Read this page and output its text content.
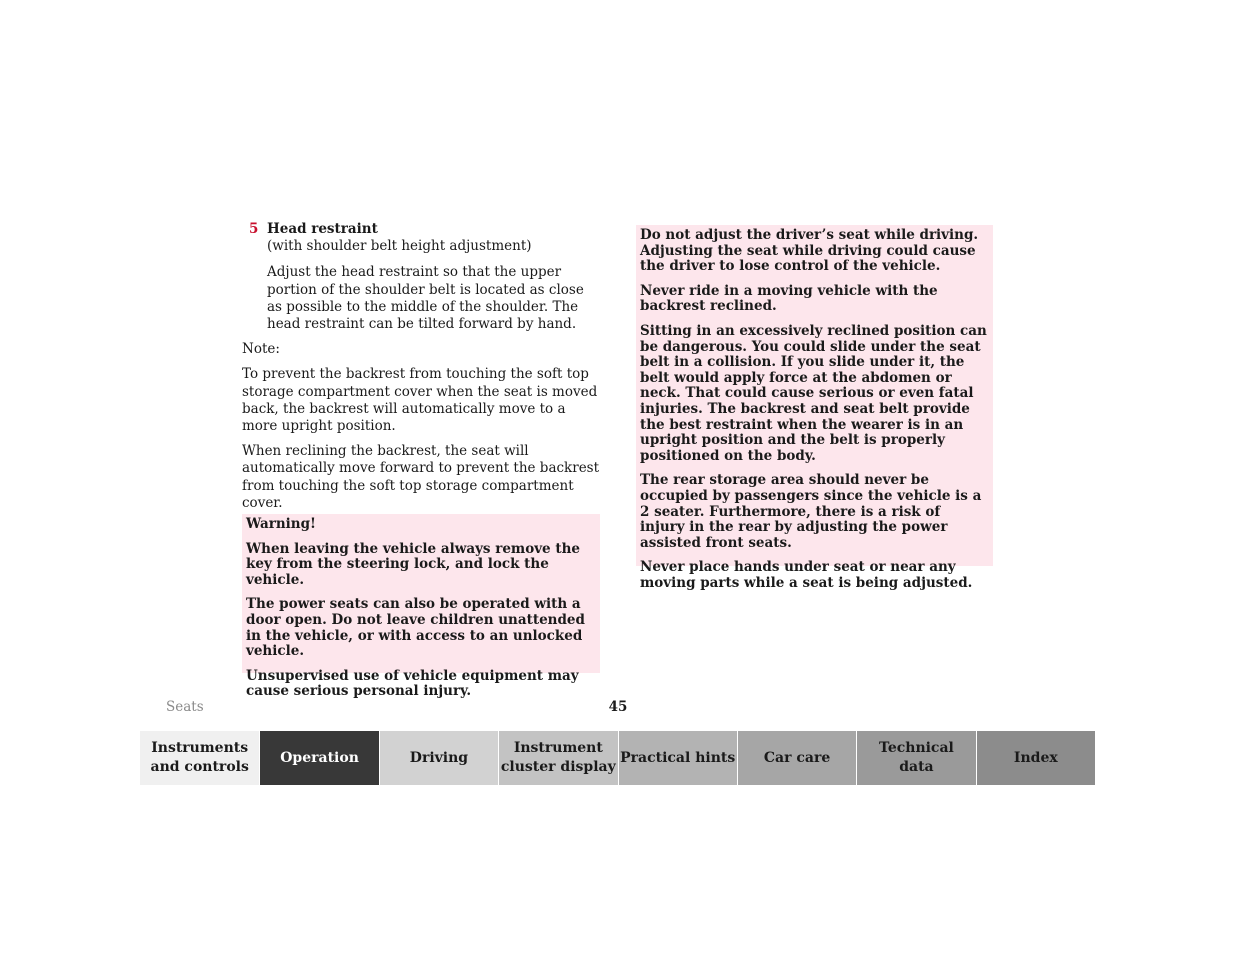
5 Head restraint
(with shoulder belt height adjustment)
Adjust the head restraint so that the upper portion of the shoulder belt is located as close as possible to the middle of the shoulder. The head restraint can be tilted forward by hand.
Note:
To prevent the backrest from touching the soft top storage compartment cover when the seat is moved back, the backrest will automatically move to a more upright position.
When reclining the backrest, the seat will automatically move forward to prevent the backrest from touching the soft top storage compartment cover.

Warning!

When leaving the vehicle always remove the key from the steering lock, and lock the vehicle.

The power seats can also be operated with a door open. Do not leave children unattended in the vehicle, or with access to an unlocked vehicle.

Unsupervised use of vehicle equipment may cause serious personal injury.

Do not adjust the driver’s seat while driving. Adjusting the seat while driving could cause the driver to lose control of the vehicle.

Never ride in a moving vehicle with the backrest reclined.

Sitting in an excessively reclined position can be dangerous. You could slide under the seat belt in a collision. If you slide under it, the belt would apply force at the abdomen or neck. That could cause serious or even fatal injuries. The backrest and seat belt provide the best restraint when the wearer is in an upright position and the belt is properly positioned on the body.

The rear storage area should never be occupied by passengers since the vehicle is a 2 seater. Furthermore, there is a risk of injury in the rear by adjusting the power assisted front seats.

Never place hands under seat or near any moving parts while a seat is being adjusted.

Seats	45
Instruments
and controls
Operation	Driving
Instrument
cluster display
Practical hints Car care
Technical
data
Index
